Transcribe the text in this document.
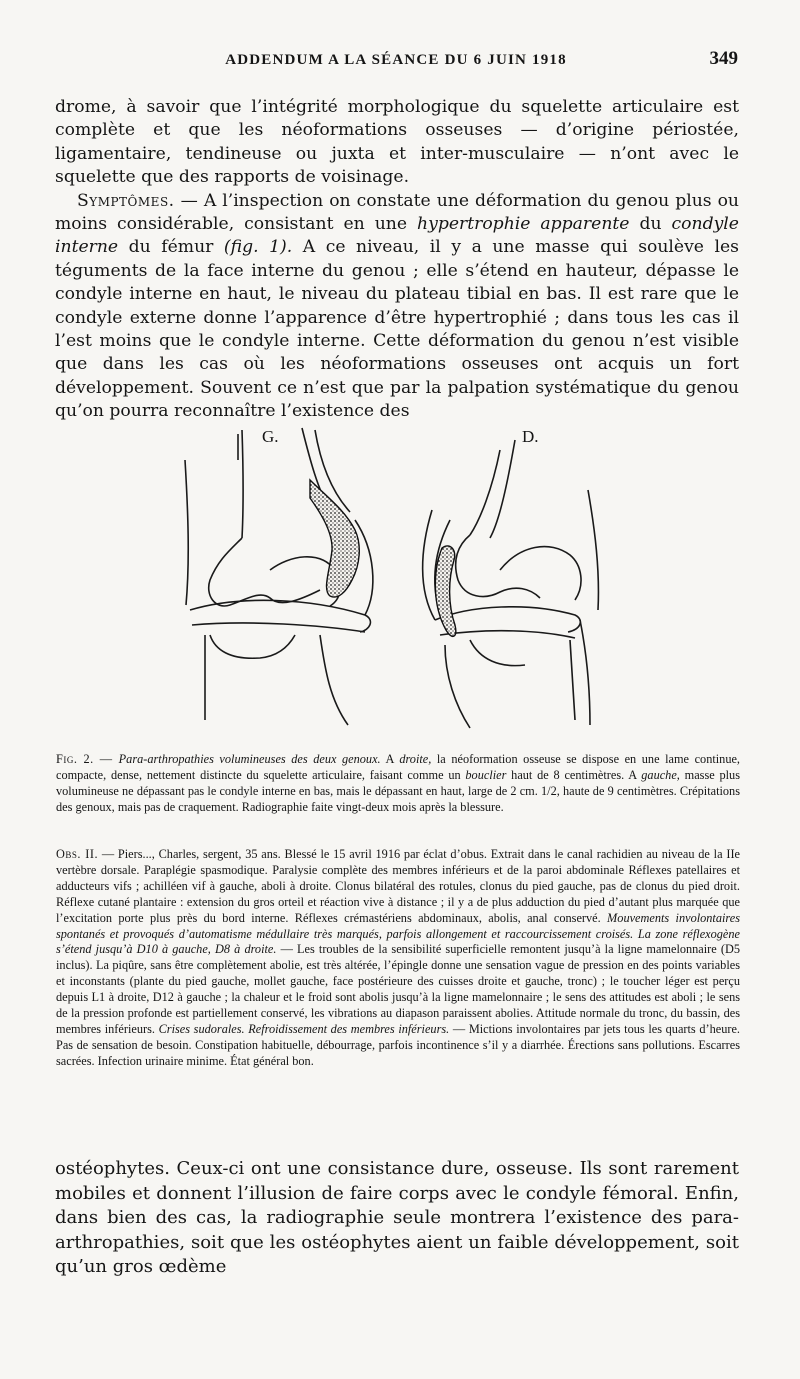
ADDENDUM A LA SÉANCE DU 6 JUIN 1918	349

drome, à savoir que l’intégrité morphologique du squelette articulaire est complète et que les néoformations osseuses — d’origine périostée, ligamentaire, tendineuse ou juxta et inter-musculaire — n’ont avec le squelette que des rapports de voisinage.

Symptômes. — A l’inspection on constate une déformation du genou plus ou moins considérable, consistant en une hypertrophie apparente du condyle interne du fémur (fig. 1). A ce niveau, il y a une masse qui soulève les téguments de la face interne du genou ; elle s’étend en hauteur, dépasse le condyle interne en haut, le niveau du plateau tibial en bas. Il est rare que le condyle externe donne l’apparence d’être hypertrophié ; dans tous les cas il l’est moins que le condyle interne. Cette déformation du genou n’est visible que dans les cas où les néoformations osseuses ont acquis un fort développement. Souvent ce n’est que par la palpation systématique du genou qu’on pourra reconnaître l’existence des

G.	D.

Fig. 2. — Para-arthropathies volumineuses des deux genoux. A droite, la néoformation osseuse se dispose en une lame continue, compacte, dense, nettement distincte du squelette articulaire, faisant comme un bouclier haut de 8 centimètres. A gauche, masse plus volumineuse ne dépassant pas le condyle interne en bas, mais le dépassant en haut, large de 2 cm. 1/2, haute de 9 centimètres. Crépitations des genoux, mais pas de craquement. Radiographie faite vingt-deux mois après la blessure.

Obs. II. — Piers..., Charles, sergent, 35 ans. Blessé le 15 avril 1916 par éclat d’obus. Extrait dans le canal rachidien au niveau de la IIe vertèbre dorsale. Paraplégie spasmodique. Paralysie complète des membres inférieurs et de la paroi abdominale Réflexes patellaires et adducteurs vifs ; achilléen vif à gauche, aboli à droite. Clonus bilatéral des rotules, clonus du pied gauche, pas de clonus du pied droit. Réflexe cutané plantaire : extension du gros orteil et réaction vive à distance ; il y a de plus adduction du pied d’autant plus marquée que l’excitation porte plus près du bord interne. Réflexes crémastériens abdominaux, abolis, anal conservé. Mouvements involontaires spontanés et provoqués d’automatisme médullaire très marqués, parfois allongement et raccourcissement croisés. La zone réflexogène s’étend jusqu’à D10 à gauche, D8 à droite. — Les troubles de la sensibilité superficielle remontent jusqu’à la ligne mamelonnaire (D5 inclus). La piqûre, sans être complètement abolie, est très altérée, l’épingle donne une sensation vague de pression en des points variables et inconstants (plante du pied gauche, mollet gauche, face postérieure des cuisses droite et gauche, tronc) ; le toucher léger est perçu depuis L1 à droite, D12 à gauche ; la chaleur et le froid sont abolis jusqu’à la ligne mamelonnaire ; le sens des attitudes est aboli ; le sens de la pression profonde est partiellement conservé, les vibrations au diapason paraissent abolies. Attitude normale du tronc, du bassin, des membres inférieurs. Crises sudorales. Refroidissement des membres inférieurs. — Mictions involontaires par jets tous les quarts d’heure. Pas de sensation de besoin. Constipation habituelle, débourrage, parfois incontinence s’il y a diarrhée. Érections sans pollutions. Escarres sacrées. Infection urinaire minime. État général bon.

ostéophytes. Ceux-ci ont une consistance dure, osseuse. Ils sont rarement mobiles et donnent l’illusion de faire corps avec le condyle fémoral. Enfin, dans bien des cas, la radiographie seule montrera l’existence des para-arthropathies, soit que les ostéophytes aient un faible développement, soit qu’un gros œdème
